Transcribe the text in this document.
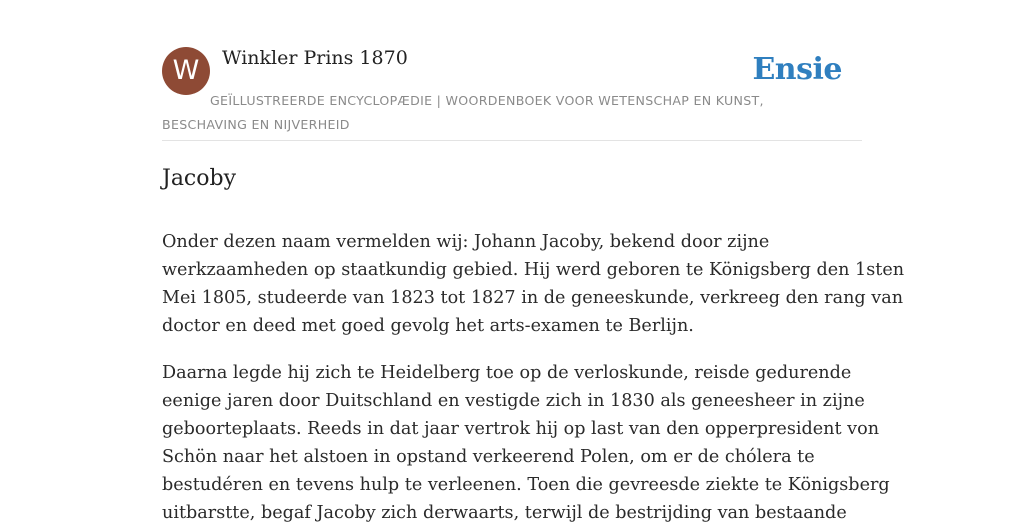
W	Winkler Prins 1870	Ensie
GEÏLLUSTREERDE ENCYCLOPÆDIE | WOORDENBOEK VOOR WETENSCHAP EN KUNST, BESCHAVING EN NIJVERHEID
Jacoby

Onder dezen naam vermelden wij: Johann Jacoby, bekend door zijne
werkzaamheden op staatkundig gebied. Hij werd geboren te Königsberg den 1sten
Mei 1805, studeerde van 1823 tot 1827 in de geneeskunde, verkreeg den rang van
doctor en deed met goed gevolg het arts-examen te Berlijn.

Daarna legde hij zich te Heidelberg toe op de verloskunde, reisde gedurende
eenige jaren door Duitschland en vestigde zich in 1830 als geneesheer in zijne
geboorteplaats. Reeds in dat jaar vertrok hij op last van den opperpresident von
Schön naar het alstoen in opstand verkeerend Polen, om er de chólera te
bestudéren en tevens hulp te verleenen. Toen die gevreesde ziekte te Königsberg
uitbarstte, begaf Jacoby zich derwaarts, terwijl de bestrijding van bestaande
